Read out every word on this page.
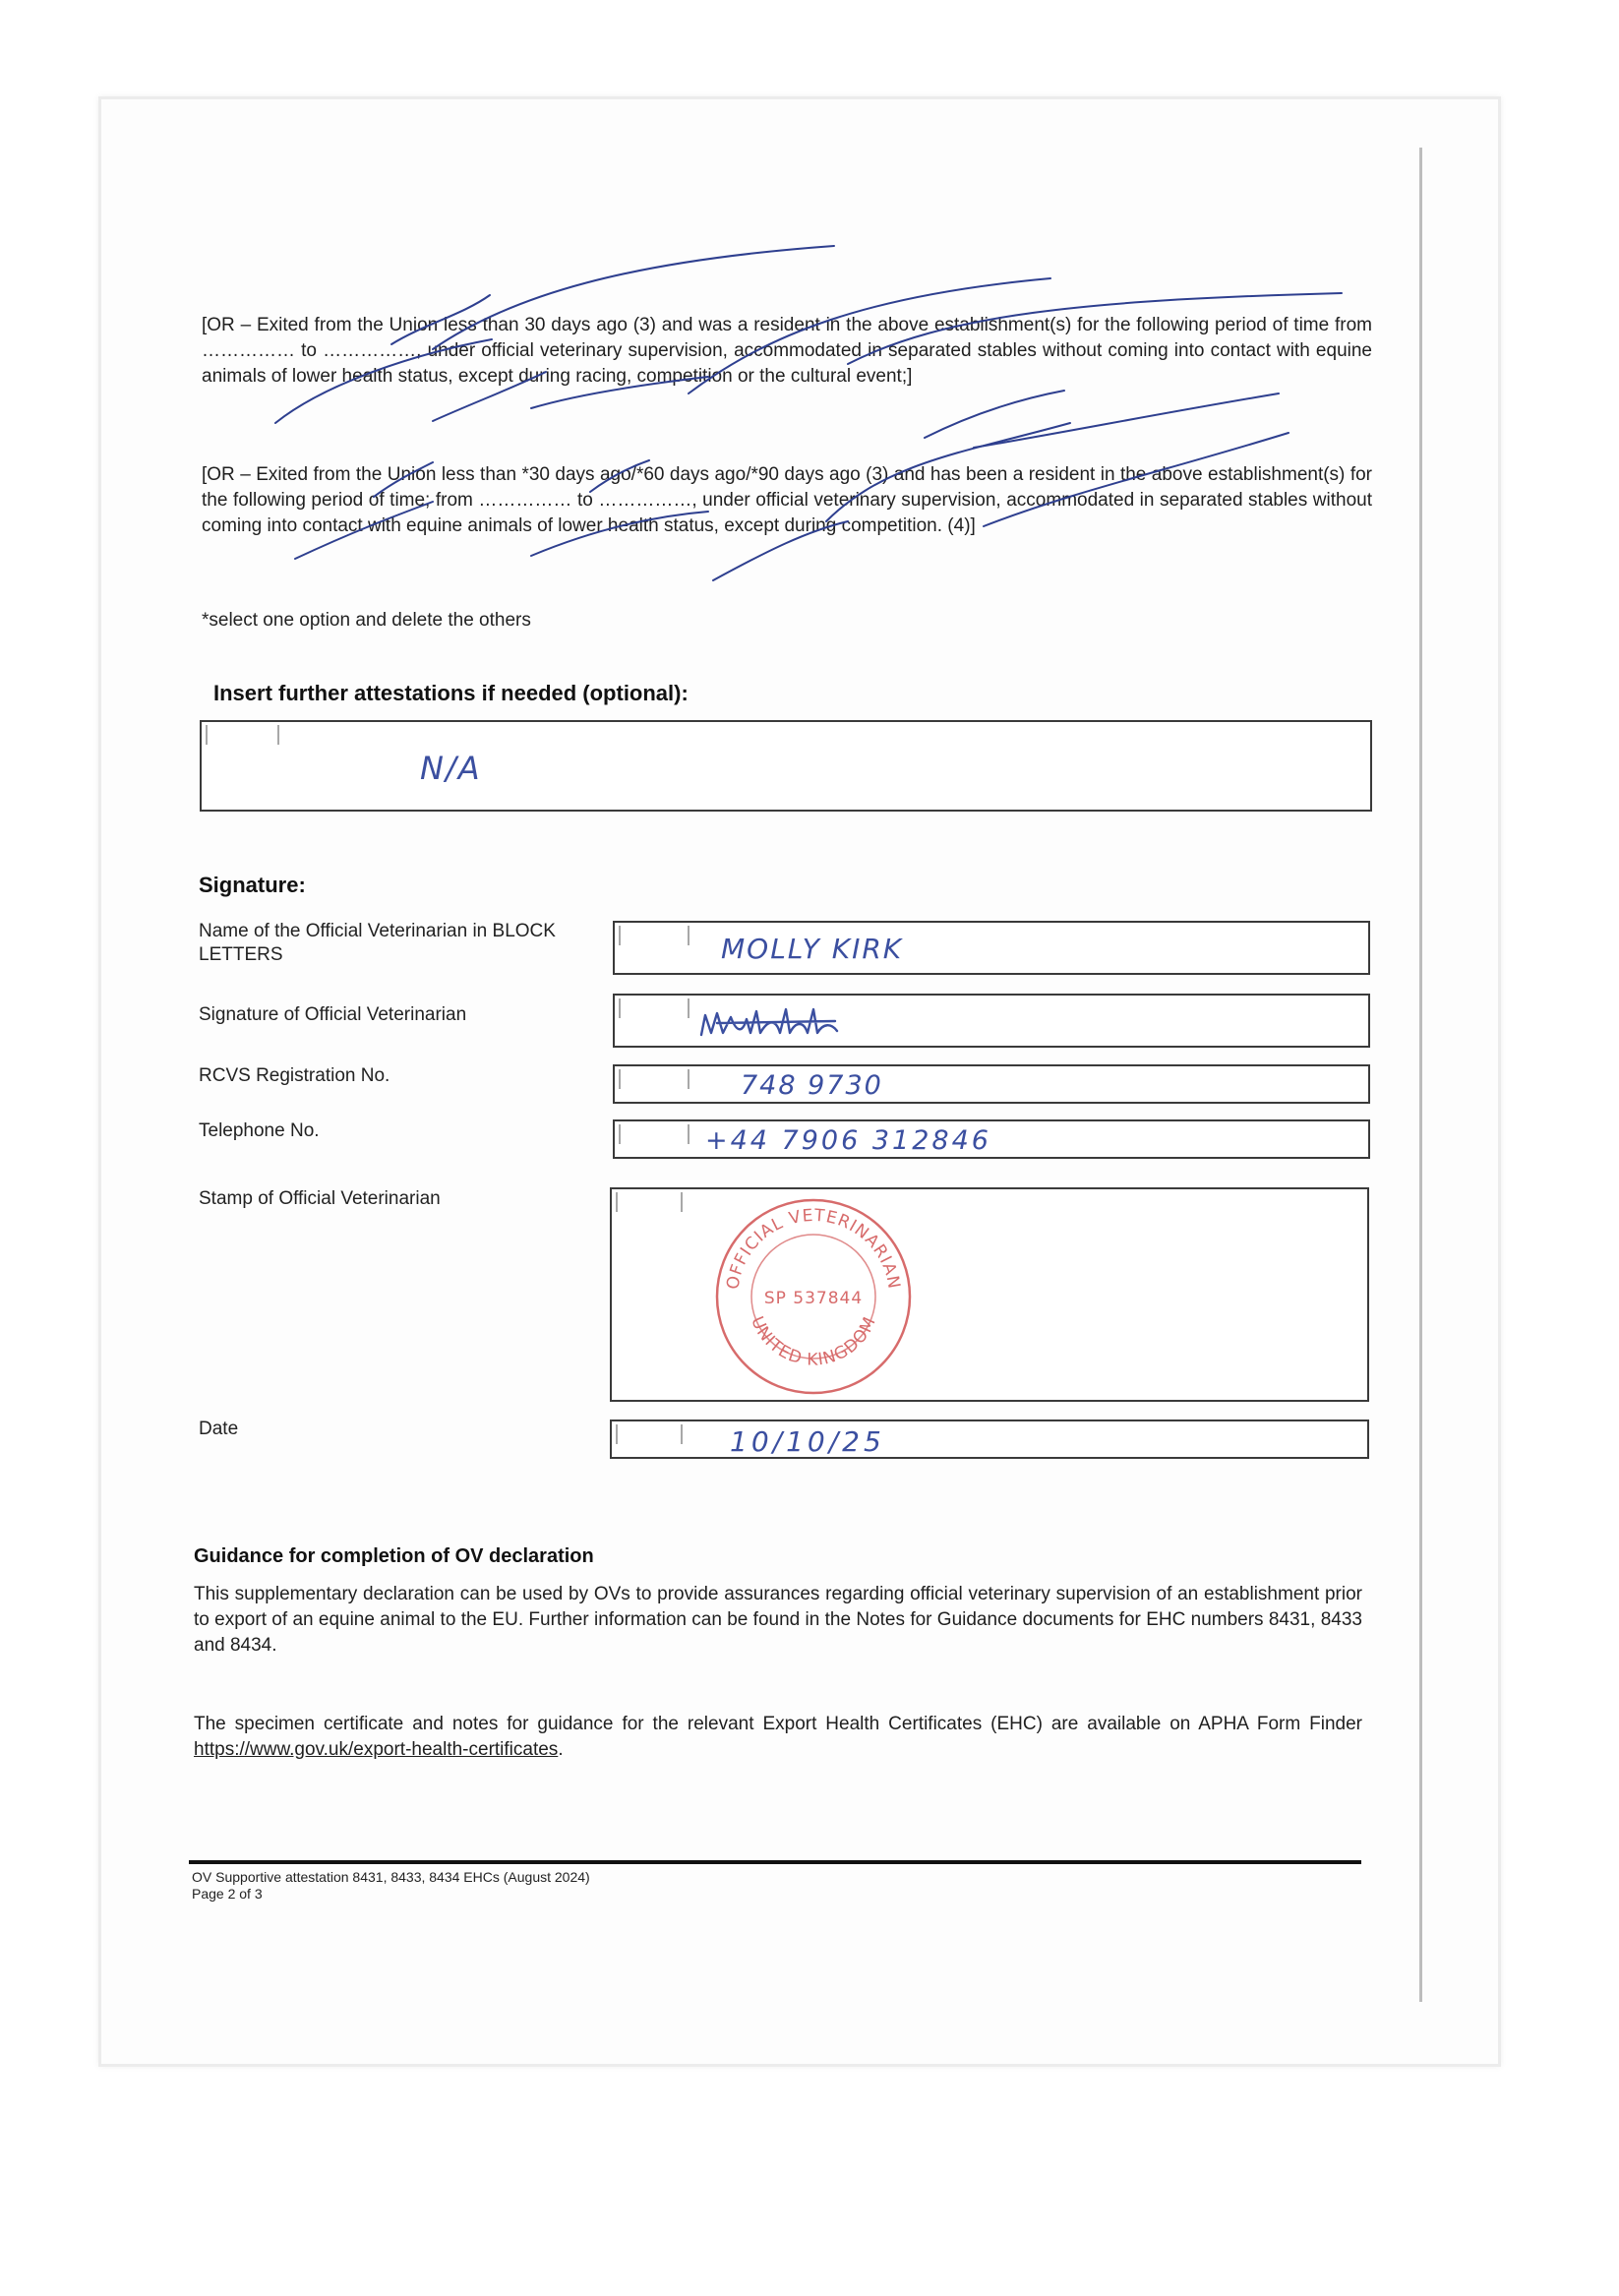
[OR – Exited from the Union less than 30 days ago (3) and was a resident in the above establishment(s) for the following period of time from …………… to ……………, under official veterinary supervision, accommodated in separated stables without coming into contact with equine animals of lower health status, except during racing, competition or the cultural event;]

[OR – Exited from the Union less than *30 days ago/*60 days ago/*90 days ago (3) and has been a resident in the above establishment(s) for the following period of time; from …………… to ……………, under official veterinary supervision, accommodated in separated stables without coming into contact with equine animals of lower health status, except during competition. (4)]

*select one option and delete the others
Insert further attestations if needed (optional):
N/A
Signature:
Name of the Official Veterinarian in BLOCK LETTERS	MOLLY KIRK
Signature of Official Veterinarian
RCVS Registration No.	748 9730
Telephone No.	+44 7906 312846
Stamp of Official Veterinarian
OFFICIAL VETERINARIAN
SP 537844
UNITED KINGDOM
Date	10/10/25
Guidance for completion of OV declaration

This supplementary declaration can be used by OVs to provide assurances regarding official veterinary supervision of an establishment prior to export of an equine animal to the EU. Further information can be found in the Notes for Guidance documents for EHC numbers 8431, 8433 and 8434.

The specimen certificate and notes for guidance for the relevant Export Health Certificates (EHC) are available on APHA Form Finder https://www.gov.uk/export-health-certificates.

OV Supportive attestation 8431, 8433, 8434 EHCs (August 2024)
Page 2 of 3
